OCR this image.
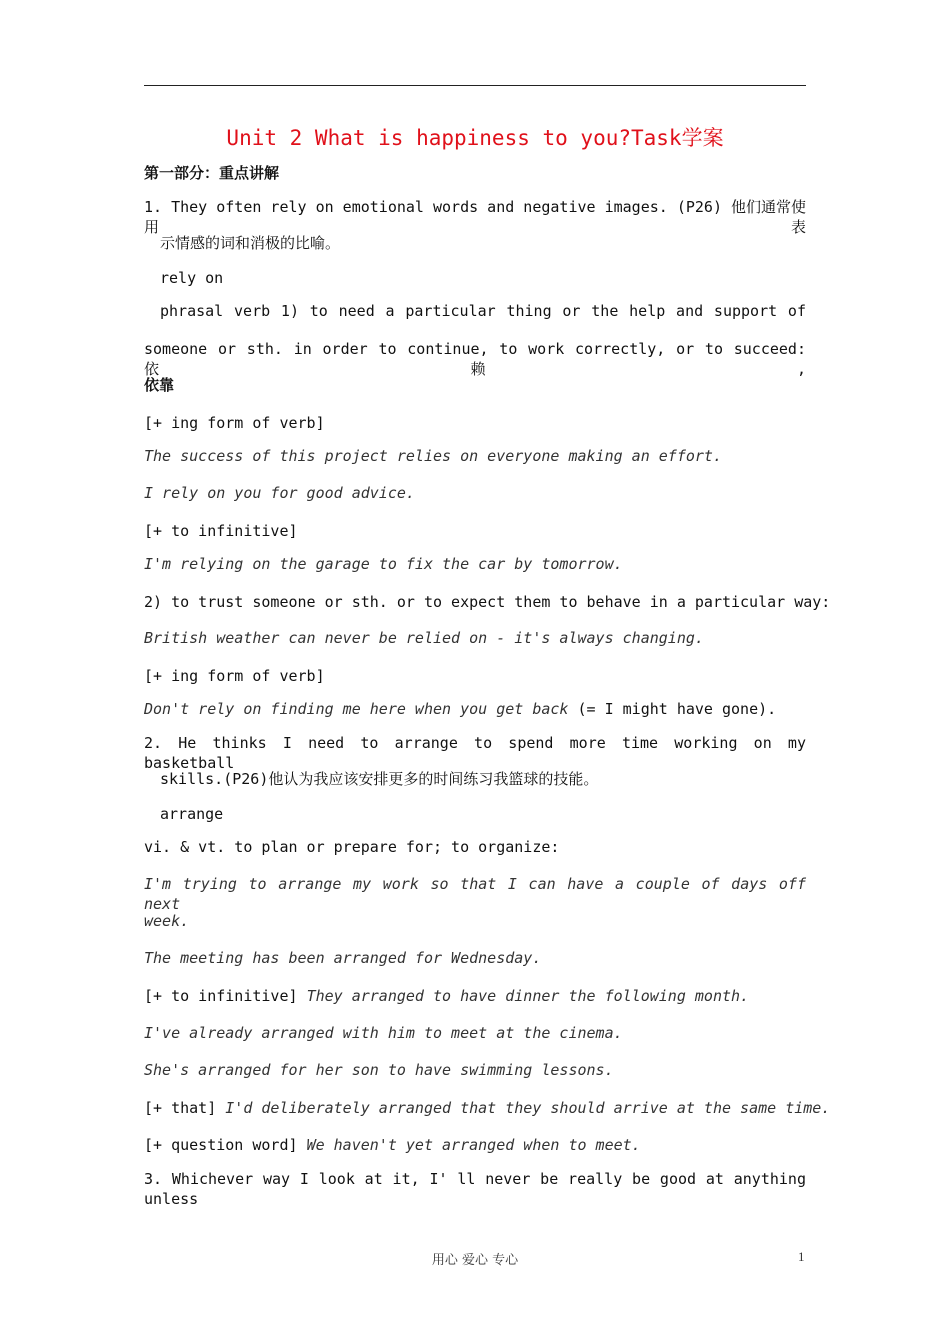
Unit 2 What is happiness to you?Task学案
第一部分：重点讲解
1. They often rely on emotional words and negative images. (P26) 他们通常使用表
示情感的词和消极的比喻。
rely on
phrasal verb 1) to need a particular thing or the help and support of
someone or sth. in order to continue, to work correctly, or to succeed: 依赖,
依靠
[+ ing form of verb]
The success of this project relies on everyone making an effort.
I rely on you for good advice.
[+ to infinitive]
I'm relying on the garage to fix the car by tomorrow.
2) to trust someone or sth. or to expect them to behave in a particular way:
British weather can never be relied on - it's always changing.
[+ ing form of verb]
Don't rely on finding me here when you get back (= I might have gone).
2. He thinks I need to arrange to spend more time working on my basketball
skills.(P26)他认为我应该安排更多的时间练习我篮球的技能。
arrange
vi. & vt. to plan or prepare for; to organize:
I'm trying to arrange my work so that I can have a couple of days off next
week.
The meeting has been arranged for Wednesday.
[+ to infinitive] They arranged to have dinner the following month.
I've already arranged with him to meet at the cinema.
She's arranged for her son to have swimming lessons.
[+ that] I'd deliberately arranged that they should arrive at the same time.
[+ question word] We haven't yet arranged when to meet.
3. Whichever way I look at it, I' ll never be really be good at anything unless
用心 爱心 专心	1
